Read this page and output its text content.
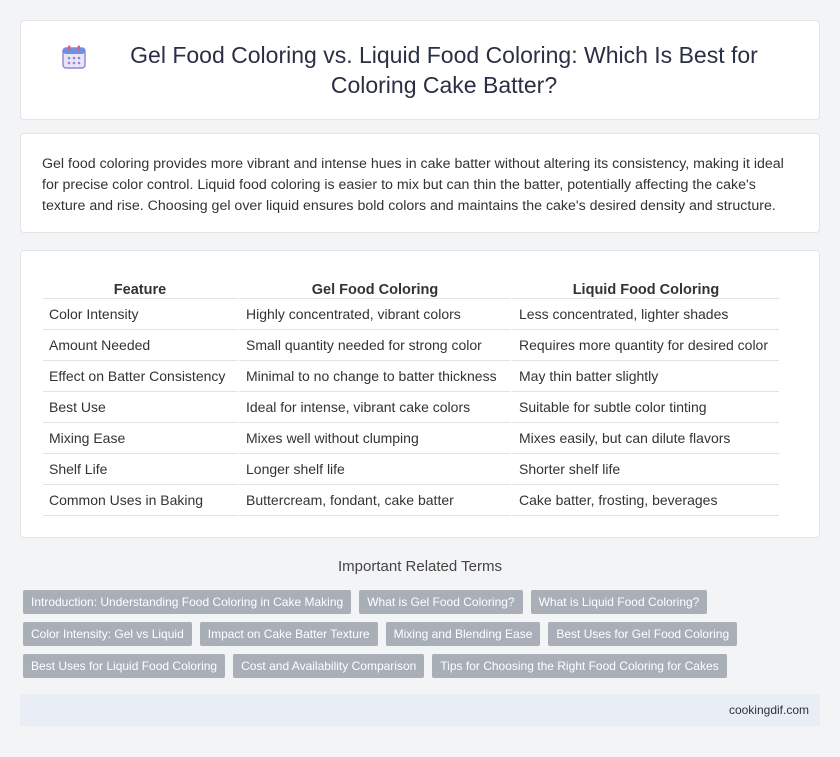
Gel Food Coloring vs. Liquid Food Coloring: Which Is Best for Coloring Cake Batter?

Gel food coloring provides more vibrant and intense hues in cake batter without altering its consistency, making it ideal for precise color control. Liquid food coloring is easier to mix but can thin the batter, potentially affecting the cake's texture and rise. Choosing gel over liquid ensures bold colors and maintains the cake's desired density and structure.

Feature	Gel Food Coloring	Liquid Food Coloring
Color Intensity	Highly concentrated, vibrant colors	Less concentrated, lighter shades
Amount Needed	Small quantity needed for strong color	Requires more quantity for desired color
Effect on Batter Consistency	Minimal to no change to batter thickness	May thin batter slightly
Best Use	Ideal for intense, vibrant cake colors	Suitable for subtle color tinting
Mixing Ease	Mixes well without clumping	Mixes easily, but can dilute flavors
Shelf Life	Longer shelf life	Shorter shelf life
Common Uses in Baking	Buttercream, fondant, cake batter	Cake batter, frosting, beverages
Important Related Terms
Introduction: Understanding Food Coloring in Cake Making	What is Gel Food Coloring?	What is Liquid Food Coloring?
Color Intensity: Gel vs Liquid	Impact on Cake Batter Texture	Mixing and Blending Ease	Best Uses for Gel Food Coloring
Best Uses for Liquid Food Coloring	Cost and Availability Comparison	Tips for Choosing the Right Food Coloring for Cakes
cookingdif.com
